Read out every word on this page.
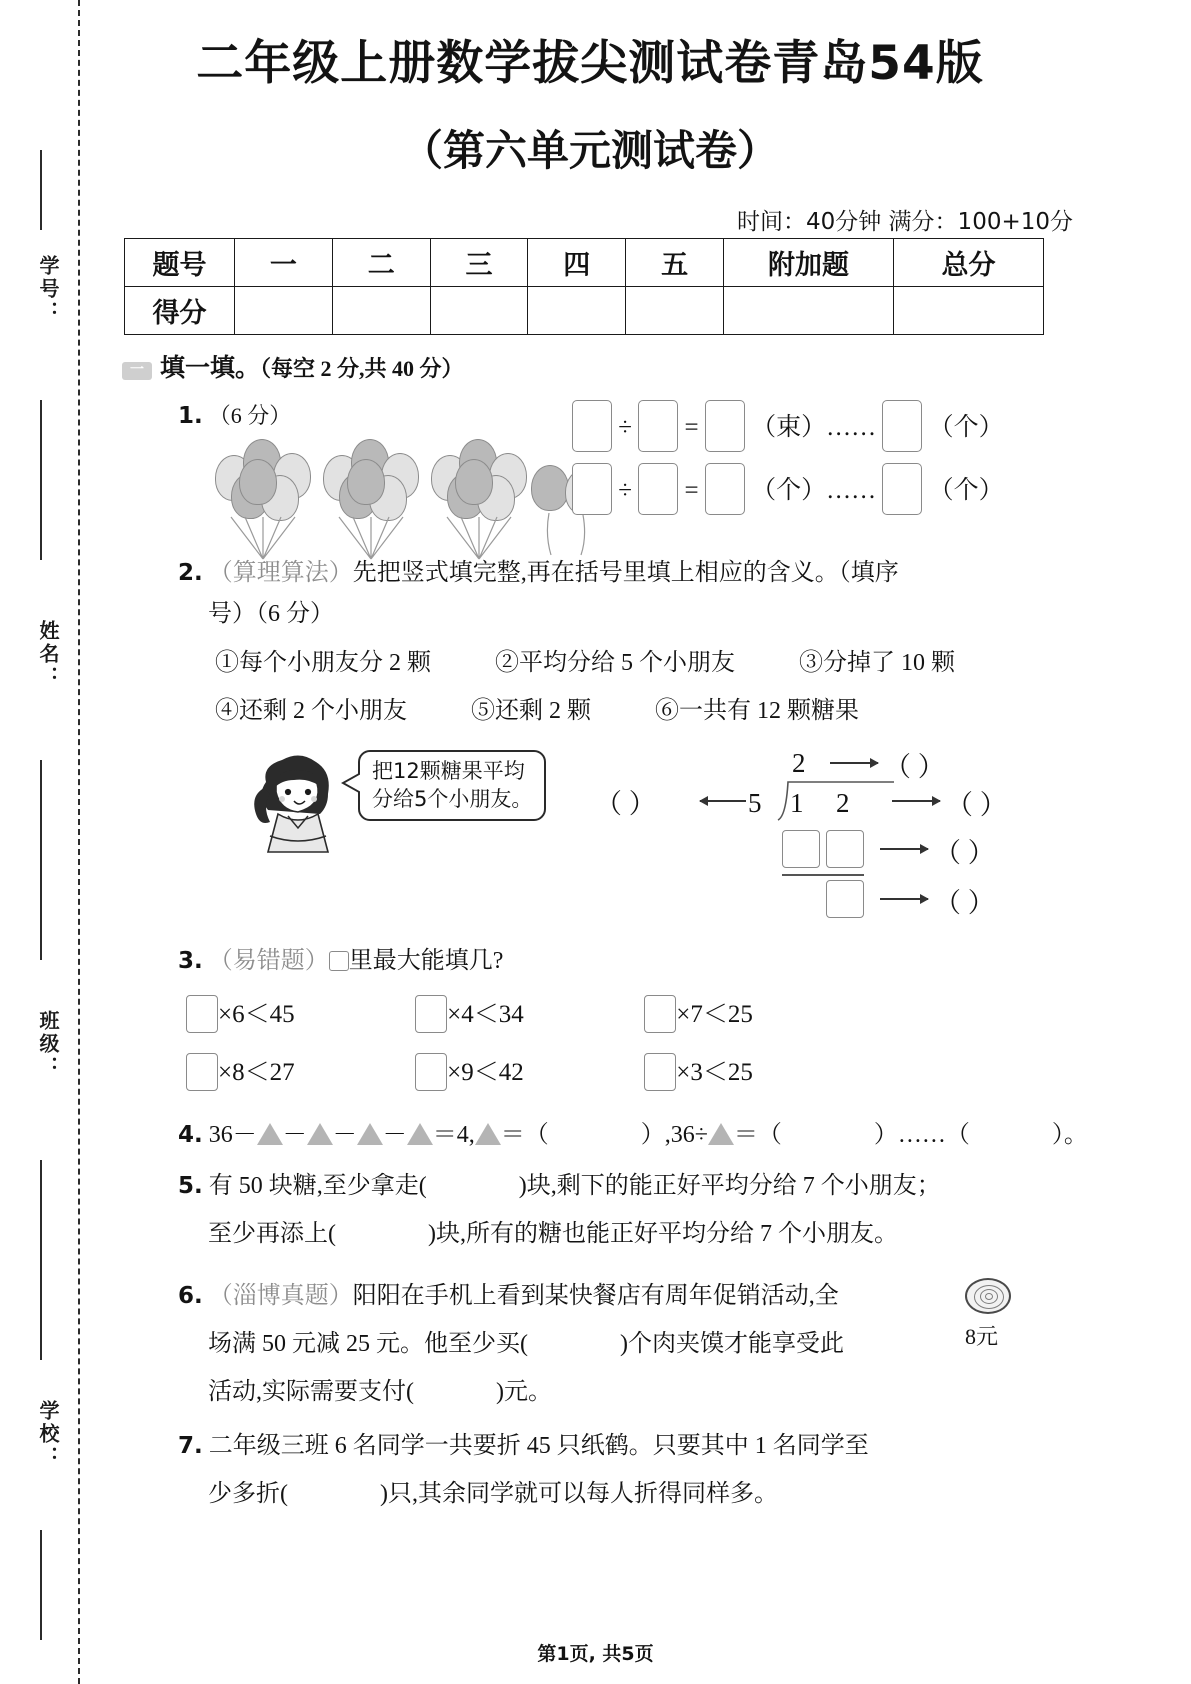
学号：
姓名：
班级：
学校：
二年级上册数学拔尖测试卷青岛54版
（第六单元测试卷）
时间：40分钟 满分：100+10分
题号	一	二	三	四	五	附加题	总分
得分							
一 填一填。（每空 2 分,共 40 分）
1. （6 分）	÷ = （束）…… （个）
÷ = （个）…… （个）
2. （算理算法）先把竖式填完整,再在括号里填上相应的含义。（填序
号）（6 分）
①每个小朋友分 2 颗	②平均分给 5 个小朋友	③分掉了 10 颗
④还剩 2 个小朋友	⑤还剩 2 颗	⑥一共有 12 颗糖果
把12颗糖果平均
分给5个小朋友。 （ ）
2
5 1 2
（ ）
（ ）
（ ）
（ ）
3. （易错题） 里最大能填几?
×6＜45	×4＜34	×7＜25
×8＜27	×9＜42	×3＜25
4. 36－ － － － ＝4, ＝（	）,36÷ ＝（	）……（	）。
5. 有 50 块糖,至少拿走(	)块,剩下的能正好平均分给 7 个小朋友；
至少再添上(	)块,所有的糖也能正好平均分给 7 个小朋友。
6. （淄博真题）阳阳在手机上看到某快餐店有周年促销活动,全
场满 50 元减 25 元。他至少买(	)个肉夹馍才能享受此
活动,实际需要支付(	)元。
8元
7. 二年级三班 6 名同学一共要折 45 只纸鹤。只要其中 1 名同学至
少多折(	)只,其余同学就可以每人折得同样多。
第1页, 共5页
